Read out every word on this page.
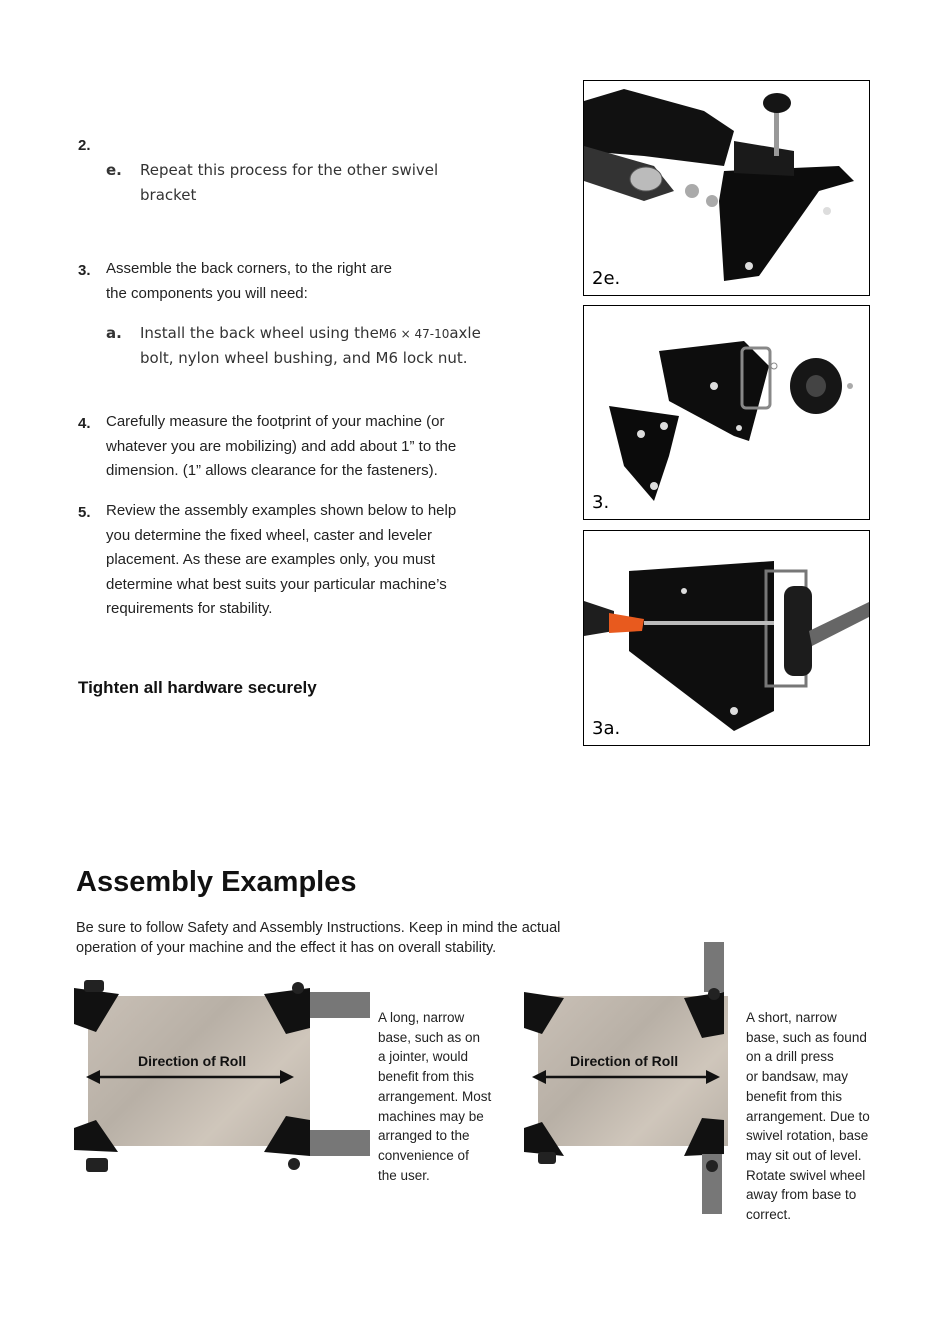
2.
e. Repeat this process for the other swivel
bracket
3. Assemble the back corners, to the right are
the components you will need:
a. Install the back wheel using theM6 × 47-10axle
bolt, nylon wheel bushing, and M6 lock nut.
4. Carefully measure the footprint of your machine (or
whatever you are mobilizing) and add about 1” to the
dimension. (1” allows clearance for the fasteners).
5. Review the assembly examples shown below to help
you determine the fixed wheel, caster and leveler
placement. As these are examples only, you must
determine what best suits your particular machine’s
requirements for stability.
Tighten all hardware securely
2e.
3.
3a.
Assembly Examples
Be sure to follow Safety and Assembly Instructions. Keep in mind the actual
operation of your machine and the effect it has on overall stability.
Direction of Roll
A long, narrow
base, such as on
a jointer, would
benefit from this
arrangement. Most
machines may be
arranged to the
convenience of
the user.
Direction of Roll
A short, narrow
base, such as found
on a drill press
or bandsaw, may
benefit from this
arrangement. Due to
swivel rotation, base
may sit out of level.
Rotate swivel wheel
away from base to
correct.
